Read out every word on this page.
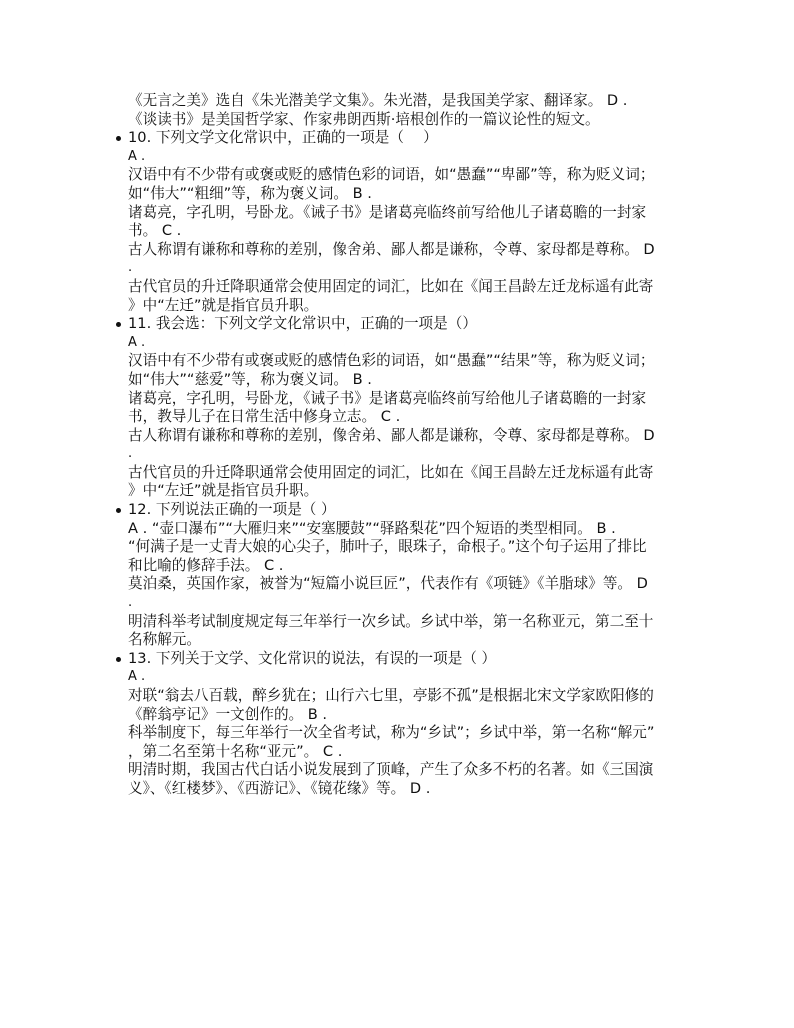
《无言之美》选自《朱光潜美学文集》。朱光潜，是我国美学家、翻译家。 D .
《谈读书》是美国哲学家、作家弗朗西斯·培根创作的一篇议论性的短文。
10. 下列文学文化常识中，正确的一项是（　 ）
A .
汉语中有不少带有或褒或贬的感情色彩的词语，如“愚蠢”“卑鄙”等，称为贬义词；
如“伟大”“粗细”等，称为褒义词。 B .
诸葛亮，字孔明，号卧龙。《诫子书》是诸葛亮临终前写给他儿子诸葛瞻的一封家
书。 C .
古人称谓有谦称和尊称的差别，像舍弟、鄙人都是谦称，令尊、家母都是尊称。 D
.
古代官员的升迁降职通常会使用固定的词汇，比如在《闻王昌龄左迁龙标遥有此寄
》中“左迁”就是指官员升职。
11. 我会选：下列文学文化常识中，正确的一项是（）
A .
汉语中有不少带有或褒或贬的感情色彩的词语，如“愚蠢”“结果”等，称为贬义词；
如“伟大”“慈爱”等，称为褒义词。 B .
诸葛亮，字孔明，号卧龙，《诫子书》是诸葛亮临终前写给他儿子诸葛瞻的一封家
书，教导儿子在日常生活中修身立志。 C .
古人称谓有谦称和尊称的差别，像舍弟、鄙人都是谦称，令尊、家母都是尊称。 D
.
古代官员的升迁降职通常会使用固定的词汇，比如在《闻王昌龄左迁龙标遥有此寄
》中“左迁”就是指官员升职。
12. 下列说法正确的一项是（ ）
A . “壶口瀑布”“大雁归来”“安塞腰鼓”“驿路梨花”四个短语的类型相同。 B .
“何满子是一丈青大娘的心尖子，肺叶子，眼珠子，命根子。”这个句子运用了排比
和比喻的修辞手法。 C .
莫泊桑，英国作家，被誉为“短篇小说巨匠”，代表作有《项链》《羊脂球》等。 D
.
明清科举考试制度规定每三年举行一次乡试。乡试中举，第一名称亚元，第二至十
名称解元。
13. 下列关于文学、文化常识的说法，有误的一项是（ ）
A .
对联“翁去八百载，醉乡犹在；山行六七里，亭影不孤”是根据北宋文学家欧阳修的
《醉翁亭记》一文创作的。 B .
科举制度下，每三年举行一次全省考试，称为“乡试”；乡试中举，第一名称“解元”
，第二名至第十名称“亚元”。 C .
明清时期，我国古代白话小说发展到了顶峰，产生了众多不朽的名著。如《三国演
义》、《红楼梦》、《西游记》、《镜花缘》等。 D .
